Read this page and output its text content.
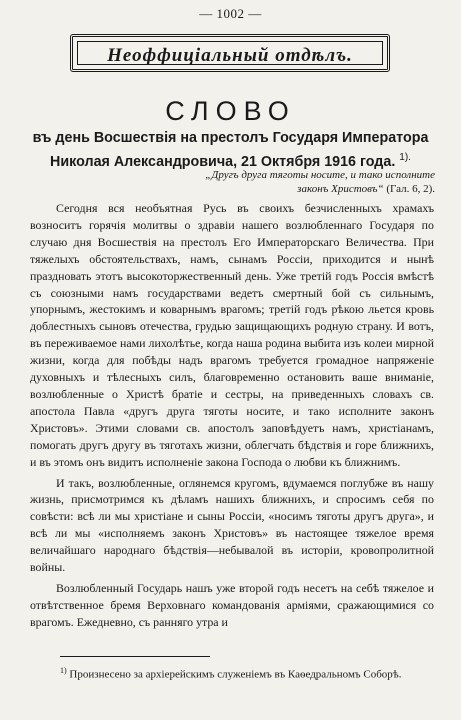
— 1002 —
Неоффиціальный отдѣлъ.
СЛОВО
въ день Восшествія на престолъ Государя Императора
Николая Александровича, 21 Октября 1916 года. $^{1).}$
„Другъ друга тяготы носите, и тако исполните законъ Христовъ“ (Гал. 6, 2).

Сегодня вся необъятная Русь въ своихъ безчисленныхъ храмахъ возноситъ горячія молитвы о здравіи нашего возлюбленнаго Государя по случаю дня Восшествія на престолъ Его Императорскаго Величества. При тяжелыхъ обстоятельствахъ, намъ, сынамъ Россіи, приходится и нынѣ праздновать этотъ высокоторжественный день. Уже третій годъ Россія вмѣстѣ съ союзными намъ государствами ведетъ смертный бой съ сильнымъ, упорнымъ, жестокимъ и коварнымъ врагомъ; третій годъ рѣкою льется кровь доблестныхъ сыновъ отечества, грудью защищающихъ родную страну. И вотъ, въ переживаемое нами лихолѣтье, когда наша родина выбита изъ колеи мирной жизни, когда для побѣды надъ врагомъ требуется громадное напряженіе духовныхъ и тѣлесныхъ силъ, благовременно остановить ваше вниманіе, возлюбленные о Христѣ братіе и сестры, на приведенныхъ словахъ св. апостола Павла «другъ друга тяготы носите, и тако исполните законъ Христовъ». Этими словами св. апостолъ заповѣдуетъ намъ, христіанамъ, помогать другъ другу въ тяготахъ жизни, облегчать бѣдствія и горе ближнихъ, и въ этомъ онъ видитъ исполненіе закона Господа о любви къ ближнимъ.

И такъ, возлюбленные, оглянемся кругомъ, вдумаемся поглубже въ нашу жизнь, присмотримся къ дѣламъ нашихъ ближнихъ, и спросимъ себя по совѣсти: всѣ ли мы христіане и сыны Россіи, «носимъ тяготы другъ друга», и всѣ ли мы «исполняемъ законъ Христовъ» въ настоящее тяжелое время величайшаго народнаго бѣдствія—небывалой въ исторіи, кровопролитной войны.

Возлюбленный Государь нашъ уже второй годъ несетъ на себѣ тяжелое и отвѣтственное бремя Верховнаго командованія арміями, сражающимися со врагомъ. Ежедневно, съ ранняго утра и

$^{1)}$ Произнесено за архіерейскимъ служеніемъ въ Каѳедральномъ Соборѣ.
